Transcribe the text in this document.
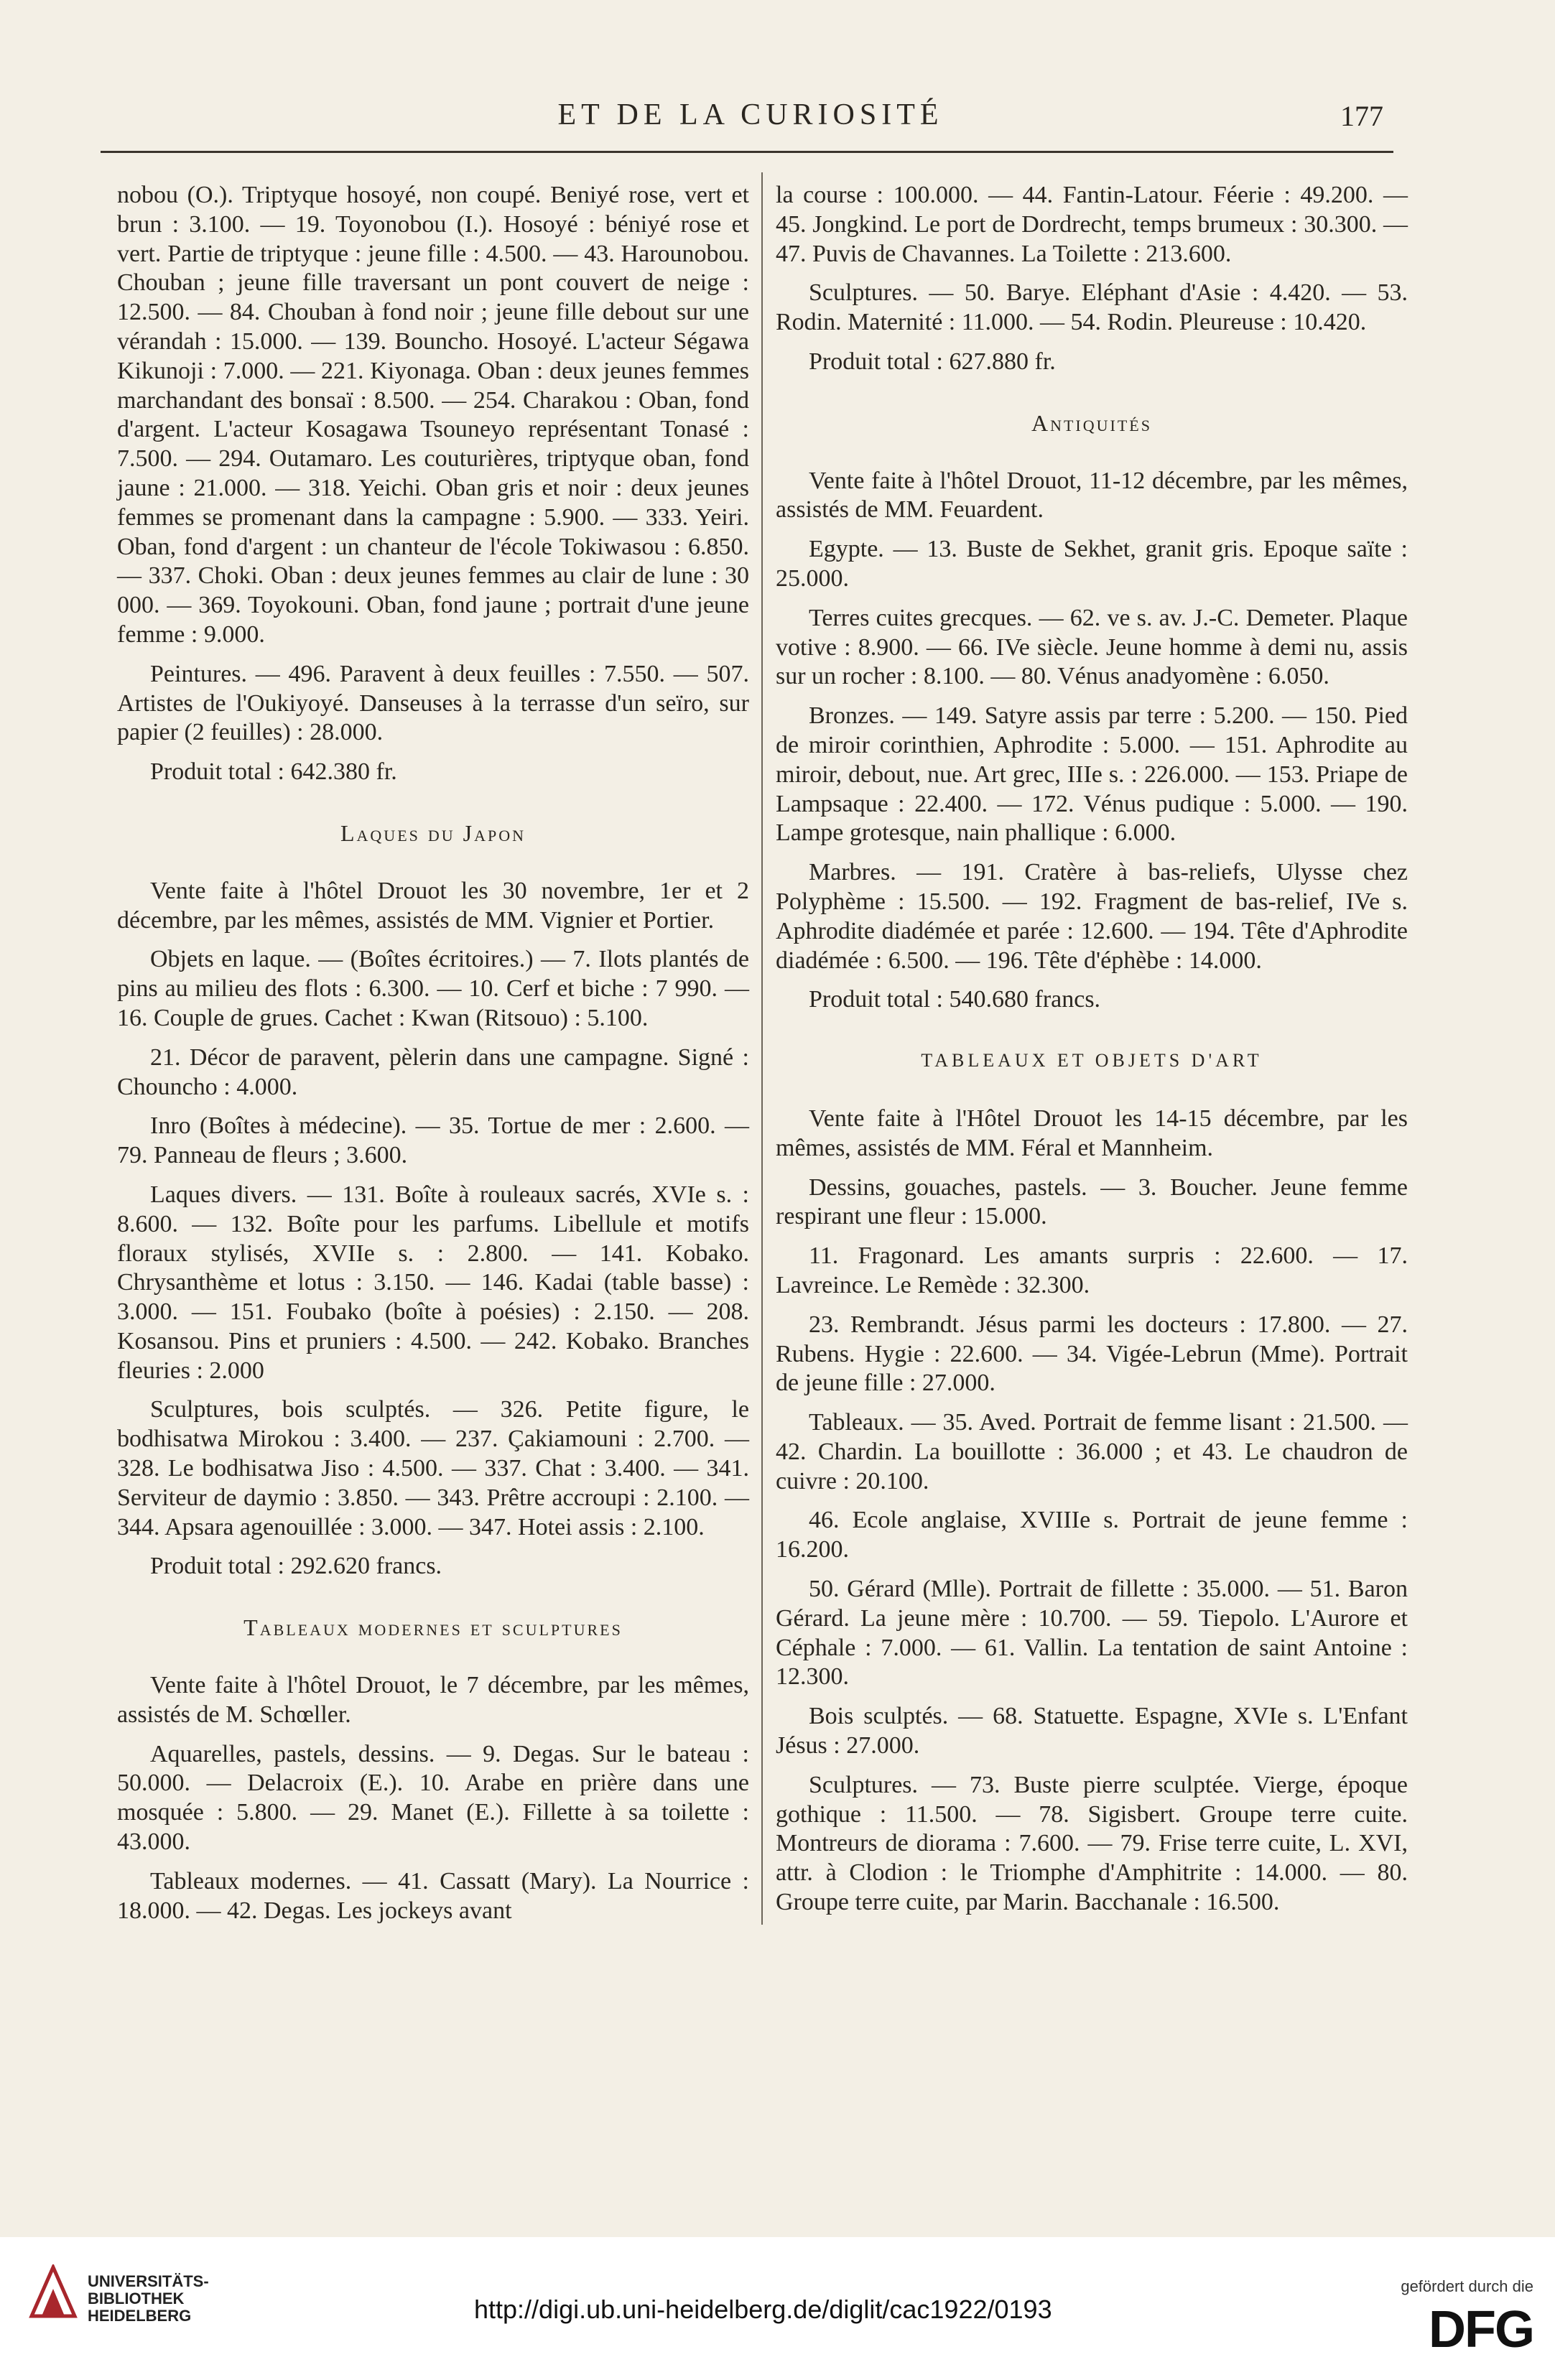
ET DE LA CURIOSITÉ	177

nobou (O.). Triptyque hosoyé, non coupé. Beniyé rose, vert et brun : 3.100. — 19. Toyonobou (I.). Hosoyé : béniyé rose et vert. Partie de triptyque : jeune fille : 4.500. — 43. Harounobou. Chouban ; jeune fille traversant un pont couvert de neige : 12.500. — 84. Chouban à fond noir ; jeune fille debout sur une vérandah : 15.000. — 139. Bouncho. Hosoyé. L'acteur Ségawa Kikunoji : 7.000. — 221. Kiyonaga. Oban : deux jeunes femmes marchandant des bonsaï : 8.500. — 254. Charakou : Oban, fond d'argent. L'acteur Kosagawa Tsouneyo représentant Tonasé : 7.500. — 294. Outamaro. Les couturières, triptyque oban, fond jaune : 21.000. — 318. Yeichi. Oban gris et noir : deux jeunes femmes se promenant dans la campagne : 5.900. — 333. Yeiri. Oban, fond d'argent : un chanteur de l'école Tokiwasou : 6.850. — 337. Choki. Oban : deux jeunes femmes au clair de lune : 30 000. — 369. Toyokouni. Oban, fond jaune ; portrait d'une jeune femme : 9.000.

Peintures. — 496. Paravent à deux feuilles : 7.550. — 507. Artistes de l'Oukiyoyé. Danseuses à la terrasse d'un seïro, sur papier (2 feuilles) : 28.000.

Produit total : 642.380 fr.

Laques du Japon

Vente faite à l'hôtel Drouot les 30 novembre, 1er et 2 décembre, par les mêmes, assistés de MM. Vignier et Portier.

Objets en laque. — (Boîtes écritoires.) — 7. Ilots plantés de pins au milieu des flots : 6.300. — 10. Cerf et biche : 7 990. — 16. Couple de grues. Cachet : Kwan (Ritsouo) : 5.100.

21. Décor de paravent, pèlerin dans une campagne. Signé : Chouncho : 4.000.

Inro (Boîtes à médecine). — 35. Tortue de mer : 2.600. — 79. Panneau de fleurs ; 3.600.

Laques divers. — 131. Boîte à rouleaux sacrés, XVIe s. : 8.600. — 132. Boîte pour les parfums. Libellule et motifs floraux stylisés, XVIIe s. : 2.800. — 141. Kobako. Chrysanthème et lotus : 3.150. — 146. Kadai (table basse) : 3.000. — 151. Foubako (boîte à poésies) : 2.150. — 208. Kosansou. Pins et pruniers : 4.500. — 242. Kobako. Branches fleuries : 2.000

Sculptures, bois sculptés. — 326. Petite figure, le bodhisatwa Mirokou : 3.400. — 237. Çakiamouni : 2.700. — 328. Le bodhisatwa Jiso : 4.500. — 337. Chat : 3.400. — 341. Serviteur de daymio : 3.850. — 343. Prêtre accroupi : 2.100. — 344. Apsara agenouillée : 3.000. — 347. Hotei assis : 2.100.

Produit total : 292.620 francs.

Tableaux modernes et sculptures

Vente faite à l'hôtel Drouot, le 7 décembre, par les mêmes, assistés de M. Schœller.

Aquarelles, pastels, dessins. — 9. Degas. Sur le bateau : 50.000. — Delacroix (E.). 10. Arabe en prière dans une mosquée : 5.800. — 29. Manet (E.). Fillette à sa toilette : 43.000.

Tableaux modernes. — 41. Cassatt (Mary). La Nourrice : 18.000. — 42. Degas. Les jockeys avant

la course : 100.000. — 44. Fantin-Latour. Féerie : 49.200. — 45. Jongkind. Le port de Dordrecht, temps brumeux : 30.300. — 47. Puvis de Chavannes. La Toilette : 213.600.

Sculptures. — 50. Barye. Eléphant d'Asie : 4.420. — 53. Rodin. Maternité : 11.000. — 54. Rodin. Pleureuse : 10.420.

Produit total : 627.880 fr.

Antiquités

Vente faite à l'hôtel Drouot, 11-12 décembre, par les mêmes, assistés de MM. Feuardent.

Egypte. — 13. Buste de Sekhet, granit gris. Epoque saïte : 25.000.

Terres cuites grecques. — 62. ve s. av. J.-C. Demeter. Plaque votive : 8.900. — 66. IVe siècle. Jeune homme à demi nu, assis sur un rocher : 8.100. — 80. Vénus anadyomène : 6.050.

Bronzes. — 149. Satyre assis par terre : 5.200. — 150. Pied de miroir corinthien, Aphrodite : 5.000. — 151. Aphrodite au miroir, debout, nue. Art grec, IIIe s. : 226.000. — 153. Priape de Lampsaque : 22.400. — 172. Vénus pudique : 5.000. — 190. Lampe grotesque, nain phallique : 6.000.

Marbres. — 191. Cratère à bas-reliefs, Ulysse chez Polyphème : 15.500. — 192. Fragment de bas-relief, IVe s. Aphrodite diadémée et parée : 12.600. — 194. Tête d'Aphrodite diadémée : 6.500. — 196. Tête d'éphèbe : 14.000.

Produit total : 540.680 francs.

TABLEAUX ET OBJETS D'ART

Vente faite à l'Hôtel Drouot les 14-15 décembre, par les mêmes, assistés de MM. Féral et Mannheim.

Dessins, gouaches, pastels. — 3. Boucher. Jeune femme respirant une fleur : 15.000.

11. Fragonard. Les amants surpris : 22.600. — 17. Lavreince. Le Remède : 32.300.

23. Rembrandt. Jésus parmi les docteurs : 17.800. — 27. Rubens. Hygie : 22.600. — 34. Vigée-Lebrun (Mme). Portrait de jeune fille : 27.000.

Tableaux. — 35. Aved. Portrait de femme lisant : 21.500. — 42. Chardin. La bouillotte : 36.000 ; et 43. Le chaudron de cuivre : 20.100.

46. Ecole anglaise, XVIIIe s. Portrait de jeune femme : 16.200.

50. Gérard (Mlle). Portrait de fillette : 35.000. — 51. Baron Gérard. La jeune mère : 10.700. — 59. Tiepolo. L'Aurore et Céphale : 7.000. — 61. Vallin. La tentation de saint Antoine : 12.300.

Bois sculptés. — 68. Statuette. Espagne, XVIe s. L'Enfant Jésus : 27.000.

Sculptures. — 73. Buste pierre sculptée. Vierge, époque gothique : 11.500. — 78. Sigisbert. Groupe terre cuite. Montreurs de diorama : 7.600. — 79. Frise terre cuite, L. XVI, attr. à Clodion : le Triomphe d'Amphitrite : 14.000. — 80. Groupe terre cuite, par Marin. Bacchanale : 16.500.

UNIVERSITÄTS-
BIBLIOTHEK
HEIDELBERG	http://digi.ub.uni-heidelberg.de/diglit/cac1922/0193
gefördert durch die
DFG
